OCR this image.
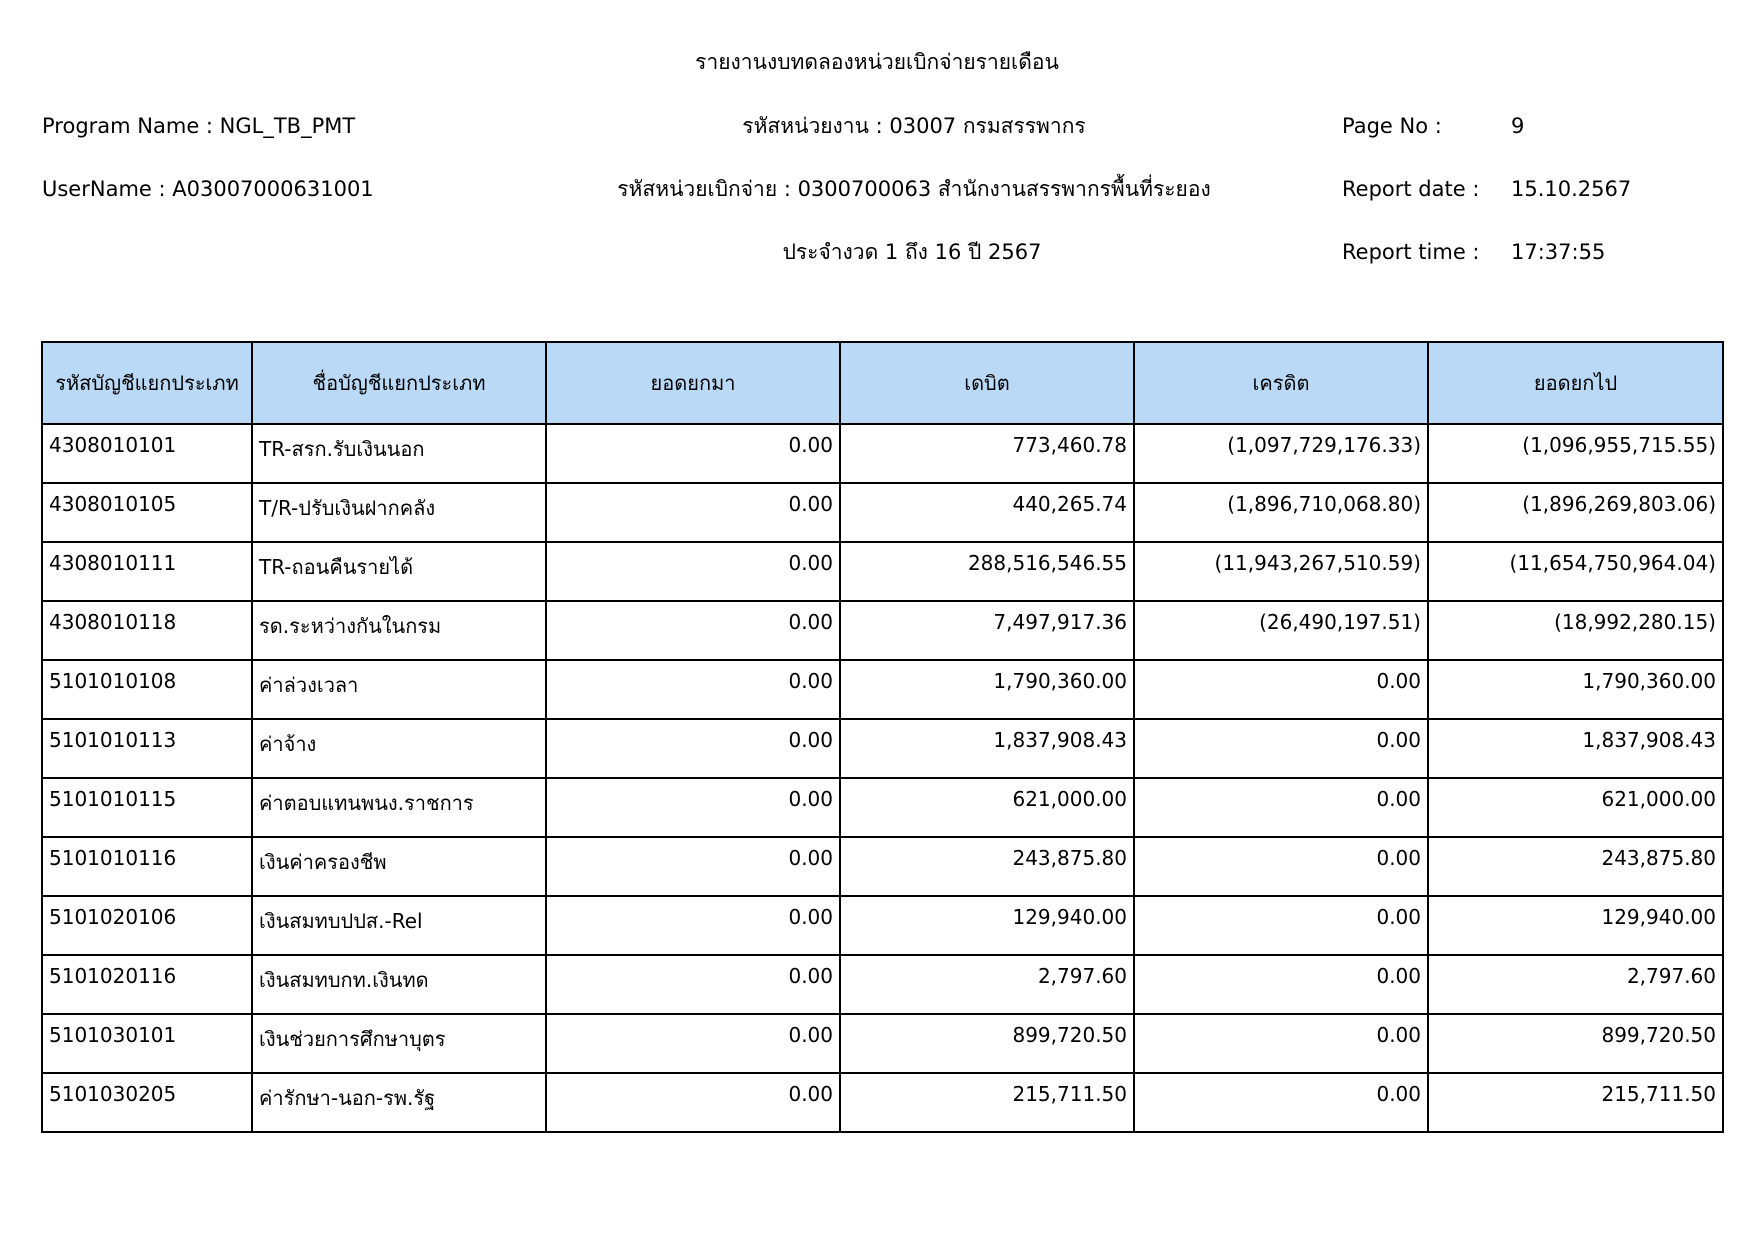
รายงานงบทดลองหน่วยเบิกจ่ายรายเดือน
Program Name : NGL_TB_PMT	รหัสหน่วยงาน : 03007 กรมสรรพากร	Page No :	9
UserName : A03007000631001	รหัสหน่วยเบิกจ่าย : 0300700063 สำนักงานสรรพากรพื้นที่ระยอง	Report date : 15.10.2567
ประจำงวด 1 ถึง 16 ปี 2567	Report time : 17:37:55
รหัสบัญชีแยกประเภท	ชื่อบัญชีแยกประเภท	ยอดยกมา	เดบิต	เครดิต	ยอดยกไป
4308010101	TR-สรก.รับเงินนอก	0.00	773,460.78	(1,097,729,176.33)	(1,096,955,715.55)
4308010105	T/R-ปรับเงินฝากคลัง	0.00	440,265.74	(1,896,710,068.80)	(1,896,269,803.06)
4308010111	TR-ถอนคืนรายได้	0.00	288,516,546.55	(11,943,267,510.59)	(11,654,750,964.04)
4308010118	รด.ระหว่างกันในกรม	0.00	7,497,917.36	(26,490,197.51)	(18,992,280.15)
5101010108	ค่าล่วงเวลา	0.00	1,790,360.00	0.00	1,790,360.00
5101010113	ค่าจ้าง	0.00	1,837,908.43	0.00	1,837,908.43
5101010115	ค่าตอบแทนพนง.ราชการ	0.00	621,000.00	0.00	621,000.00
5101010116	เงินค่าครองชีพ	0.00	243,875.80	0.00	243,875.80
5101020106	เงินสมทบปปส.-Rel	0.00	129,940.00	0.00	129,940.00
5101020116	เงินสมทบกท.เงินทด	0.00	2,797.60	0.00	2,797.60
5101030101	เงินช่วยการศึกษาบุตร	0.00	899,720.50	0.00	899,720.50
5101030205	ค่ารักษา-นอก-รพ.รัฐ	0.00	215,711.50	0.00	215,711.50
